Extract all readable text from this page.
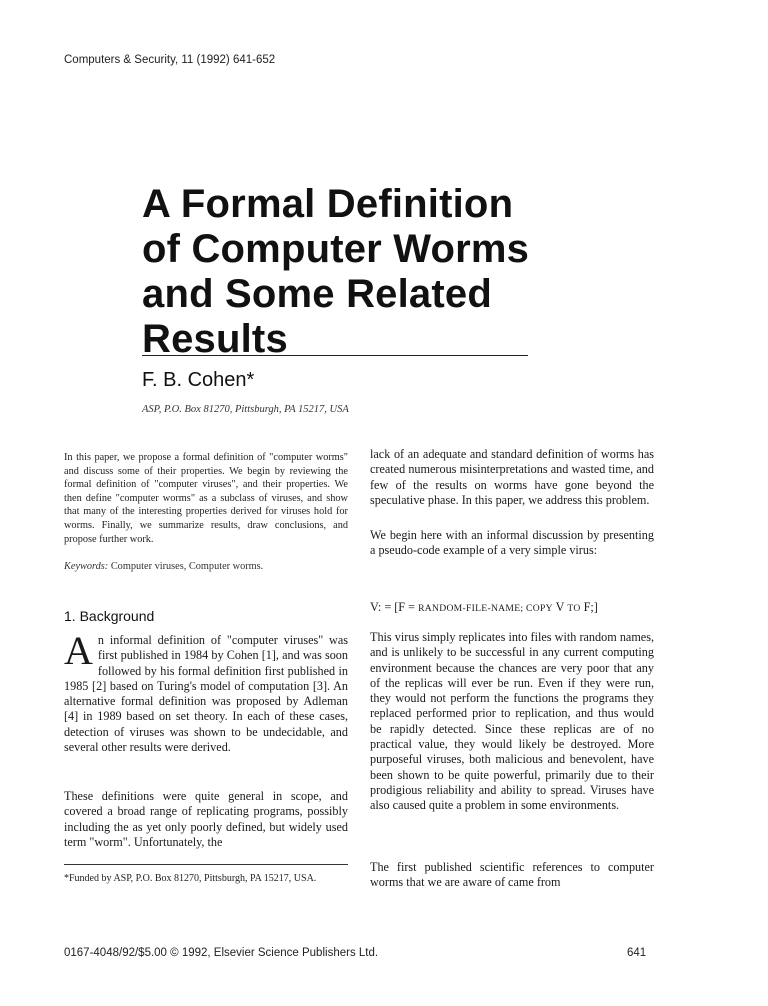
Computers & Security, 11 (1992) 641-652
A Formal Definition
of Computer Worms
and Some Related
Results
F. B. Cohen*
ASP, P.O. Box 81270, Pittsburgh, PA 15217, USA

In this paper, we propose a formal definition of "computer worms" and discuss some of their properties. We begin by reviewing the formal definition of "computer viruses", and their properties. We then define "computer worms" as a subclass of viruses, and show that many of the interesting properties derived for viruses hold for worms. Finally, we summarize results, draw conclusions, and propose further work.

Keywords: Computer viruses, Computer worms.
1. Background

An informal definition of "computer viruses" was first published in 1984 by Cohen [1], and was soon followed by his formal definition first published in 1985 [2] based on Turing's model of computation [3]. An alternative formal definition was proposed by Adleman [4] in 1989 based on set theory. In each of these cases, detection of viruses was shown to be undecidable, and several other results were derived.

These definitions were quite general in scope, and covered a broad range of replicating programs, possibly including the as yet only poorly defined, but widely used term "worm". Unfortunately, the

*Funded by ASP, P.O. Box 81270, Pittsburgh, PA 15217, USA.

lack of an adequate and standard definition of worms has created numerous misinterpretations and wasted time, and few of the results on worms have gone beyond the speculative phase. In this paper, we address this problem.

We begin here with an informal discussion by presenting a pseudo-code example of a very simple virus:

V: = [F = RANDOM-FILE-NAME; COPY V TO F;]

This virus simply replicates into files with random names, and is unlikely to be successful in any current computing environment because the chances are very poor that any of the replicas will ever be run. Even if they were run, they would not perform the functions the programs they replaced performed prior to replication, and thus would be rapidly detected. Since these replicas are of no practical value, they would likely be destroyed. More purposeful viruses, both malicious and benevolent, have been shown to be quite powerful, primarily due to their prodigious reliability and ability to spread. Viruses have also caused quite a problem in some environments.

The first published scientific references to computer worms that we are aware of came from

0167-4048/92/$5.00 © 1992, Elsevier Science Publishers Ltd.	641
